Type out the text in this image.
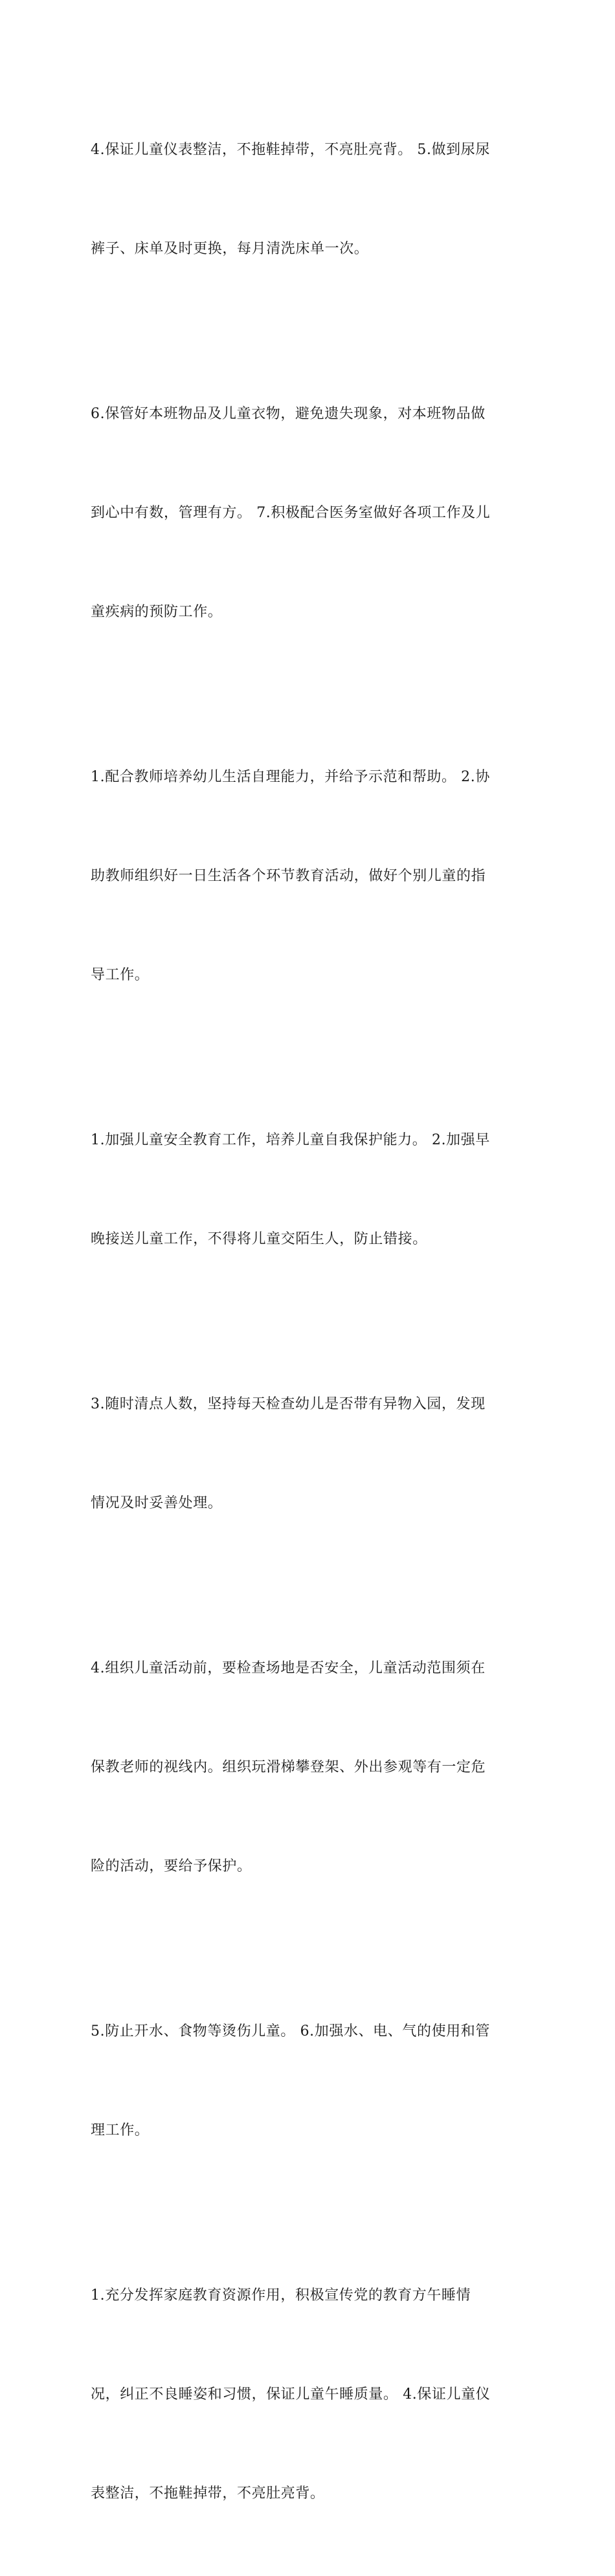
4.保证儿童仪表整洁，不拖鞋掉带，不亮肚亮背。 5.做到尿尿

裤子、床单及时更换，每月清洗床单一次。

6.保管好本班物品及儿童衣物，避免遗失现象，对本班物品做

到心中有数，管理有方。 7.积极配合医务室做好各项工作及儿

童疾病的预防工作。

1.配合教师培养幼儿生活自理能力，并给予示范和帮助。 2.协

助教师组织好一日生活各个环节教育活动，做好个别儿童的指

导工作。

1.加强儿童安全教育工作，培养儿童自我保护能力。 2.加强早

晚接送儿童工作，不得将儿童交陌生人，防止错接。

3.随时清点人数，坚持每天检查幼儿是否带有异物入园，发现

情况及时妥善处理。

4.组织儿童活动前，要检查场地是否安全，儿童活动范围须在

保教老师的视线内。组织玩滑梯攀登架、外出参观等有一定危

险的活动，要给予保护。

5.防止开水、食物等烫伤儿童。 6.加强水、电、气的使用和管

理工作。

1.充分发挥家庭教育资源作用，积极宣传党的教育方午睡情

况，纠正不良睡姿和习惯，保证儿童午睡质量。 4.保证儿童仪

表整洁，不拖鞋掉带，不亮肚亮背。
